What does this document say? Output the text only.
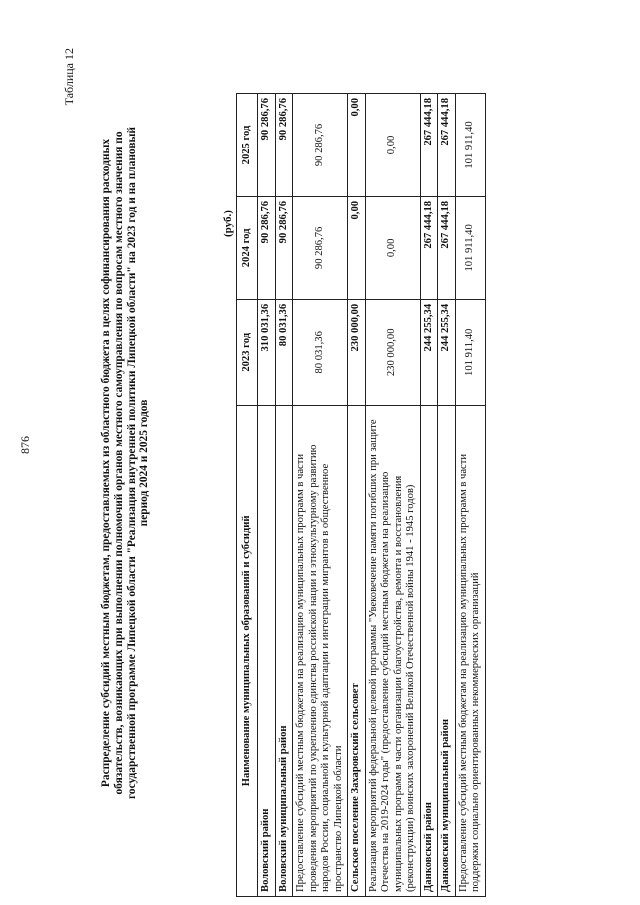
876
Таблица 12
Распределение субсидий местным бюджетам, предоставляемых из областного бюджета в целях софинансирования расходных обязательств, возникающих при выполнении полномочий органов местного самоуправления по вопросам местного значения по государственной программе Липецкой области "Реализация внутренней политики Липецкой области" на 2023 год и на плановый период 2024 и 2025 годов
(руб.)
Наименование муниципальных образований и субсидий	2023 год	2024 год	2025 год
Воловский район	310 031,36	90 286,76	90 286,76
Воловский муниципальный район	80 031,36	90 286,76	90 286,76
Предоставление субсидий местным бюджетам на реализацию муниципальных программ в части проведения мероприятий по укреплению единства российской нации и этнокультурному развитию народов России, социальной и культурной адаптации и интеграции мигрантов в общественное пространство Липецкой области	80 031,36	90 286,76	90 286,76
Сельское поселение Захаровский сельсовет	230 000,00	0,00	0,00
Реализация мероприятий федеральной целевой программы "Увековечение памяти погибших при защите Отечества на 2019-2024 годы" (предоставление субсидий местным бюджетам на реализацию муниципальных программ в части организации благоустройства, ремонта и восстановления (реконструкции) воинских захоронений Великой Отечественной войны 1941 - 1945 годов)	230 000,00	0,00	0,00
Данковский район	244 255,34	267 444,18	267 444,18
Данковский муниципальный район	244 255,34	267 444,18	267 444,18
Предоставление субсидий местным бюджетам на реализацию муниципальных программ в части поддержки социально ориентированных некоммерческих организаций	101 911,40	101 911,40	101 911,40
